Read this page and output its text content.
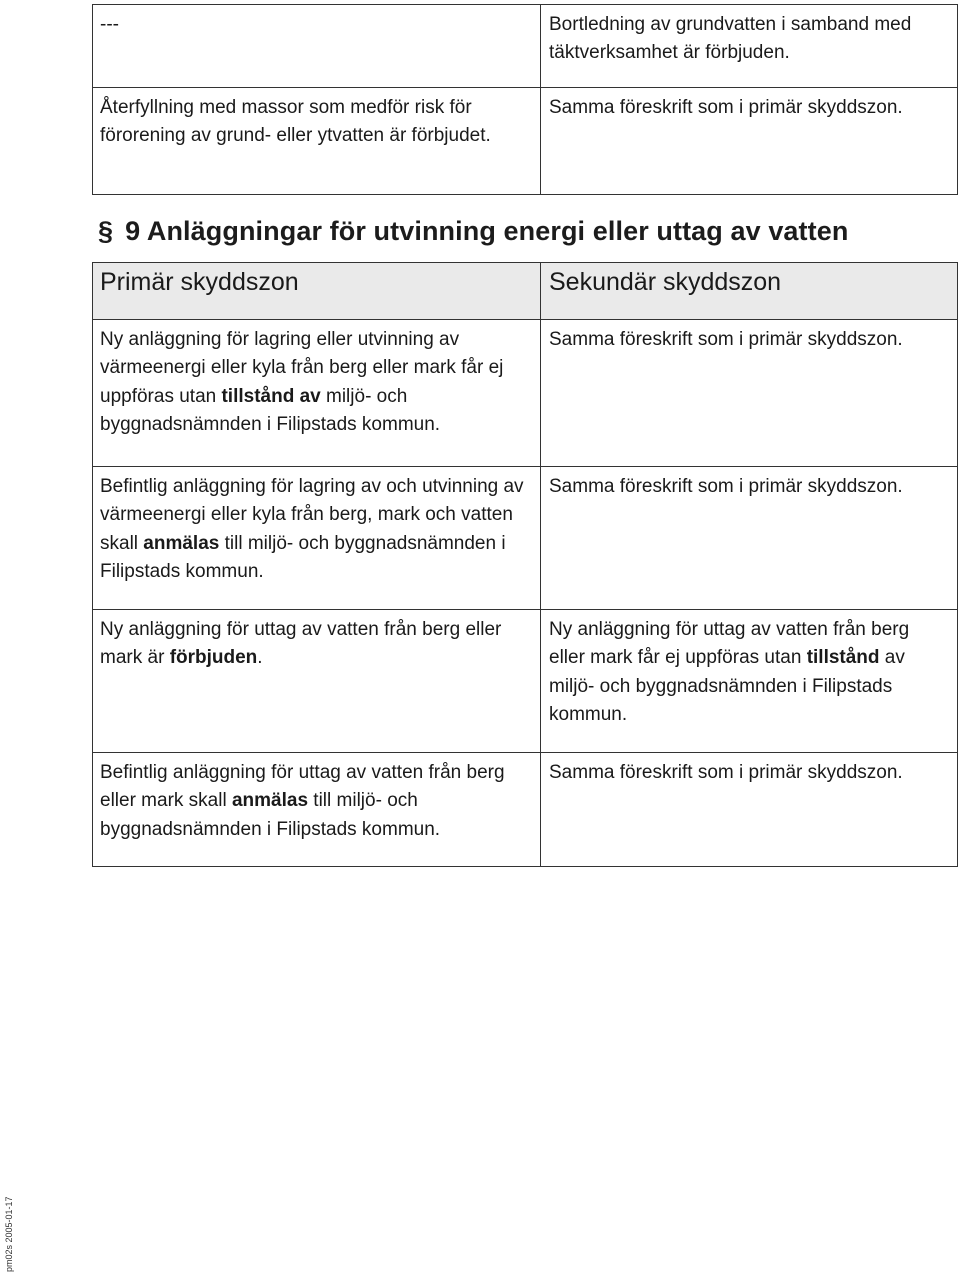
---	Bortledning av grundvatten i samband med täktverksamhet är förbjuden.
Återfyllning med massor som medför risk för förorening av grund- eller ytvatten är förbjudet.	Samma föreskrift som i primär skyddszon.
§ 9 Anläggningar för utvinning energi eller uttag av vatten
Primär skyddszon	Sekundär skyddszon
Ny anläggning för lagring eller utvinning av värmeenergi eller kyla från berg eller mark får ej uppföras utan tillstånd av miljö- och byggnadsnämnden i Filipstads kommun.	Samma föreskrift som i primär skyddszon.
Befintlig anläggning för lagring av och utvinning av värmeenergi eller kyla från berg, mark och vatten skall anmälas till miljö- och byggnadsnämnden i Filipstads kommun.	Samma föreskrift som i primär skyddszon.
Ny anläggning för uttag av vatten från berg eller mark är förbjuden.	Ny anläggning för uttag av vatten från berg eller mark får ej uppföras utan tillstånd av miljö- och byggnadsnämnden i Filipstads kommun.
Befintlig anläggning för uttag av vatten från berg eller mark skall anmälas till miljö- och byggnadsnämnden i Filipstads kommun.	Samma föreskrift som i primär skyddszon.
pm02s 2005-01-17
